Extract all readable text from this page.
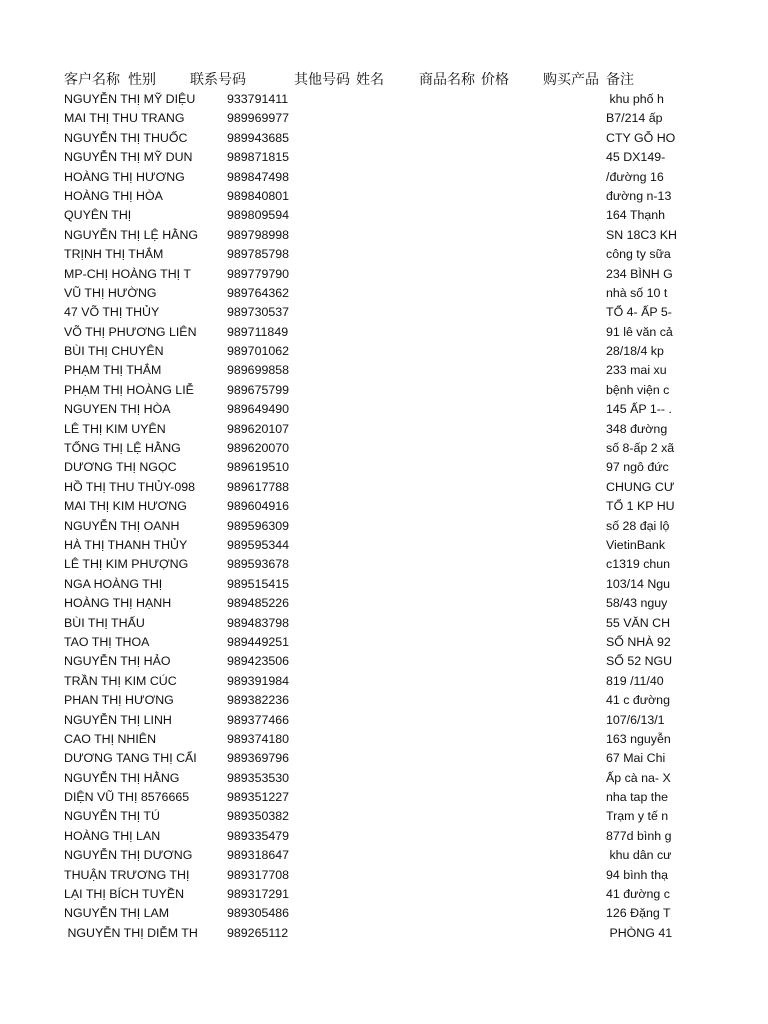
客户名称 性别 联系号码	其他号码 姓名	商品名称 价格 购买产品 备注
NGUYỄN THỊ MỸ DIỆU	933791411	khu phố h
MAI THỊ THU TRANG	989969977	B7/214 ấp
NGUYỄN THỊ THUỐC	989943685	CTY GỖ HO
NGUYỄN THỊ MỸ DUN	989871815	45 DX149-
HOÀNG THỊ HƯƠNG	989847498	/đường 16
HOÀNG THỊ HÒA	989840801	đường n-13
QUYÊN THỊ	989809594	164 Thạnh
NGUYỄN THỊ LỆ HẰNG 989798998	SN 18C3 KH
TRỊNH THỊ THẮM	989785798	công ty sữa
MP-CHỊ HOÀNG THỊ T	989779790	234 BÌNH G
VŨ THỊ HƯỜNG	989764362	nhà số 10 t
47 VÕ THỊ THỦY	989730537	TỔ 4- ẤP 5-
VÕ THỊ PHƯƠNG LIÊN 989711849	91 lê văn cả
BÙI THỊ CHUYÊN	989701062	28/18/4 kp
PHẠM THỊ THẮM	989699858	233 mai xu
PHẠM THỊ HOÀNG LIỄ	989675799	bệnh viện c
NGUYEN THỊ HÒA	989649490	145 ẤP 1-- .
LÊ THỊ KIM UYÊN	989620107	348 đường
TỐNG THỊ LỆ HẰNG	989620070	số 8-ấp 2 xã
DƯƠNG THỊ NGỌC	989619510	97 ngô đức
HỒ THỊ THU THỦY-098	989617788	CHUNG CƯ
MAI THỊ KIM HƯƠNG	989604916	TỔ 1 KP HU
NGUYỄN THỊ OANH	989596309	số 28 đại lộ
HÀ THỊ THANH THỦY	989595344	VietinBank
LÊ THỊ KIM PHƯỢNG	989593678	c1319 chun
NGA HOÀNG THỊ	989515415	103/14 Ngu
HOÀNG THỊ HẠNH	989485226	58/43 nguy
BÙI THỊ THẤU	989483798	55 VĂN CH
TAO THỊ THOA	989449251	SỐ NHÀ 92
NGUYỄN THỊ HẢO	989423506	SỐ 52 NGU
TRẦN THỊ KIM CÚC	989391984	819 /11/40
PHAN THỊ HƯƠNG	989382236	41 c đường
NGUYỄN THỊ LINH	989377466	107/6/13/1
CAO THỊ NHIÊN	989374180	163 nguyễn
DƯƠNG TANG THỊ CẨI 989369796	67 Mai Chi
NGUYỄN THỊ HẰNG	989353530	Ấp cà na- X
DIỆN VŨ THỊ 8576665	989351227	nha tap the
NGUYỄN THỊ TÚ	989350382	Trạm y tế n
HOÀNG THỊ LAN	989335479	877d bình g
NGUYỄN THỊ DƯƠNG	989318647	khu dân cư
THUẬN TRƯƠNG THỊ	989317708	94 bình thạ
LẠI THỊ BÍCH TUYỀN	989317291	41 đường c
NGUYỄN THỊ LAM	989305486	126 Đặng T
NGUYỄN THỊ DIỄM TH 989265112	PHÒNG 41
